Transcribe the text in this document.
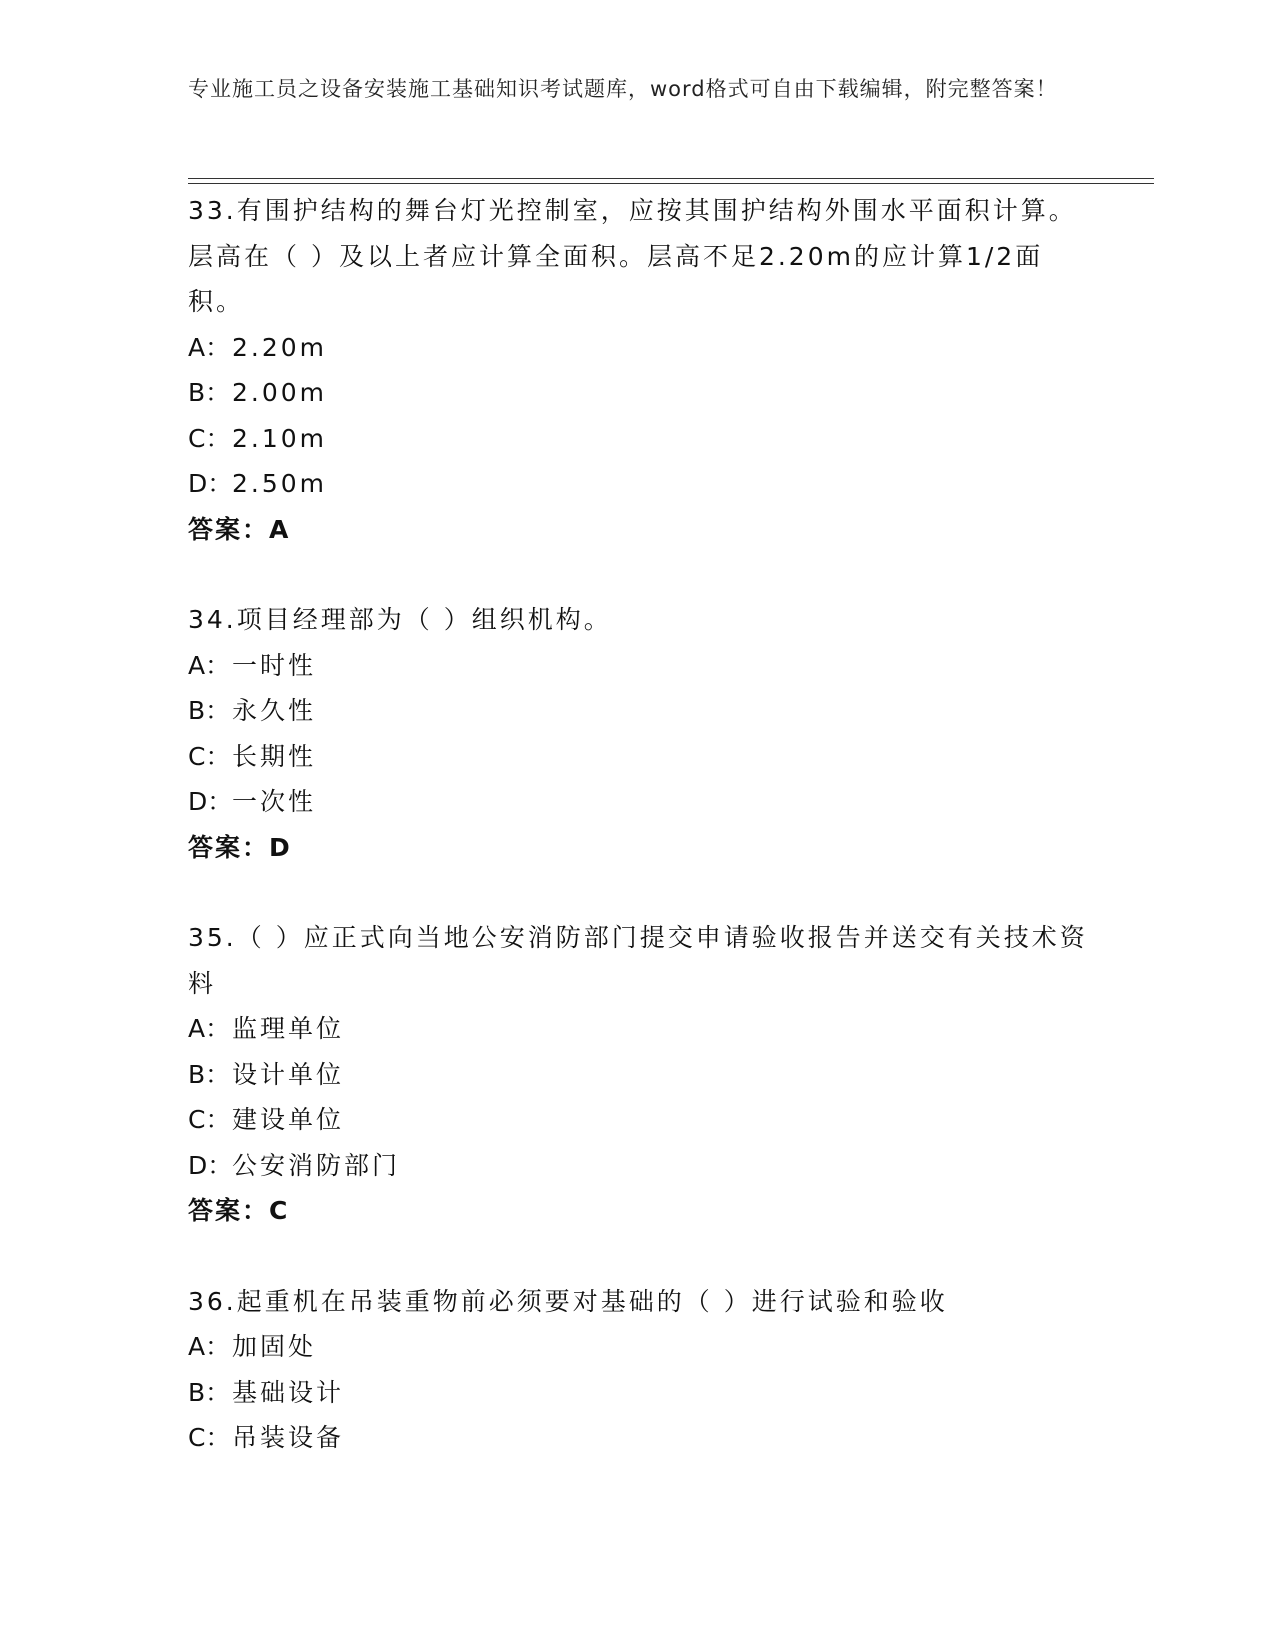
专业施工员之设备安装施工基础知识考试题库，word格式可自由下载编辑，附完整答案！

33.有围护结构的舞台灯光控制室，应按其围护结构外围水平面积计算。层高在（ ）及以上者应计算全面积。层高不足2.20m的应计算1/2面积。

A：2.20m

B：2.00m

C：2.10m

D：2.50m

答案：A

34.项目经理部为（ ）组织机构。

A：一时性

B：永久性

C：长期性

D：一次性

答案：D

35.（ ）应正式向当地公安消防部门提交申请验收报告并送交有关技术资料

A：监理单位

B：设计单位

C：建设单位

D：公安消防部门

答案：C

36.起重机在吊装重物前必须要对基础的（ ）进行试验和验收

A：加固处

B：基础设计

C：吊装设备
